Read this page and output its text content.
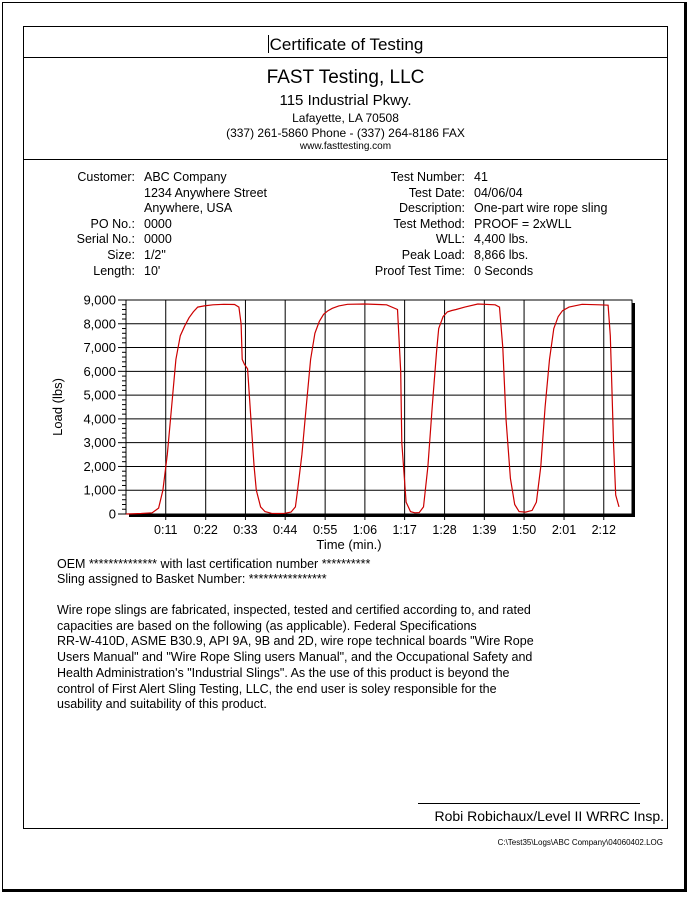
Certificate of Testing
FAST Testing, LLC
115 Industrial Pkwy.
Lafayette, LA 70508
(337) 261-5860 Phone - (337) 264-8186 FAX
www.fasttesting.com
Customer: ABC Company
1234 Anywhere Street
Anywhere, USA
PO No.: 0000
Serial No.: 0000
Size: 1/2"
Length: 10'
Test Number: 41
Test Date: 04/06/04
Description: One-part wire rope sling
Test Method: PROOF = 2xWLL
WLL: 4,400 lbs.
Peak Load: 8,866 lbs.
Proof Test Time: 0 Seconds
0
1,000
2,000
3,000
4,000
5,000
6,000
7,000
8,000
9,000
0:11 0:22 0:33 0:44 0:55 1:06 1:17 1:28 1:39 1:50 2:01 2:12
Time (min.)
Load (lbs)
OEM ************** with last certification number **********
Sling assigned to Basket Number: ****************
Wire rope slings are fabricated, inspected, tested and certified according to, and rated
capacities are based on the following (as applicable). Federal Specifications
RR-W-410D, ASME B30.9, API 9A, 9B and 2D, wire rope technical boards "Wire Rope
Users Manual" and "Wire Rope Sling users Manual", and the Occupational Safety and
Health Administration's "Industrial Slings". As the use of this product is beyond the
control of First Alert Sling Testing, LLC, the end user is soley responsible for the
usability and suitability of this product.
Robi Robichaux/Level II WRRC Insp.
C:\Test35\Logs\ABC Company\04060402.LOG
